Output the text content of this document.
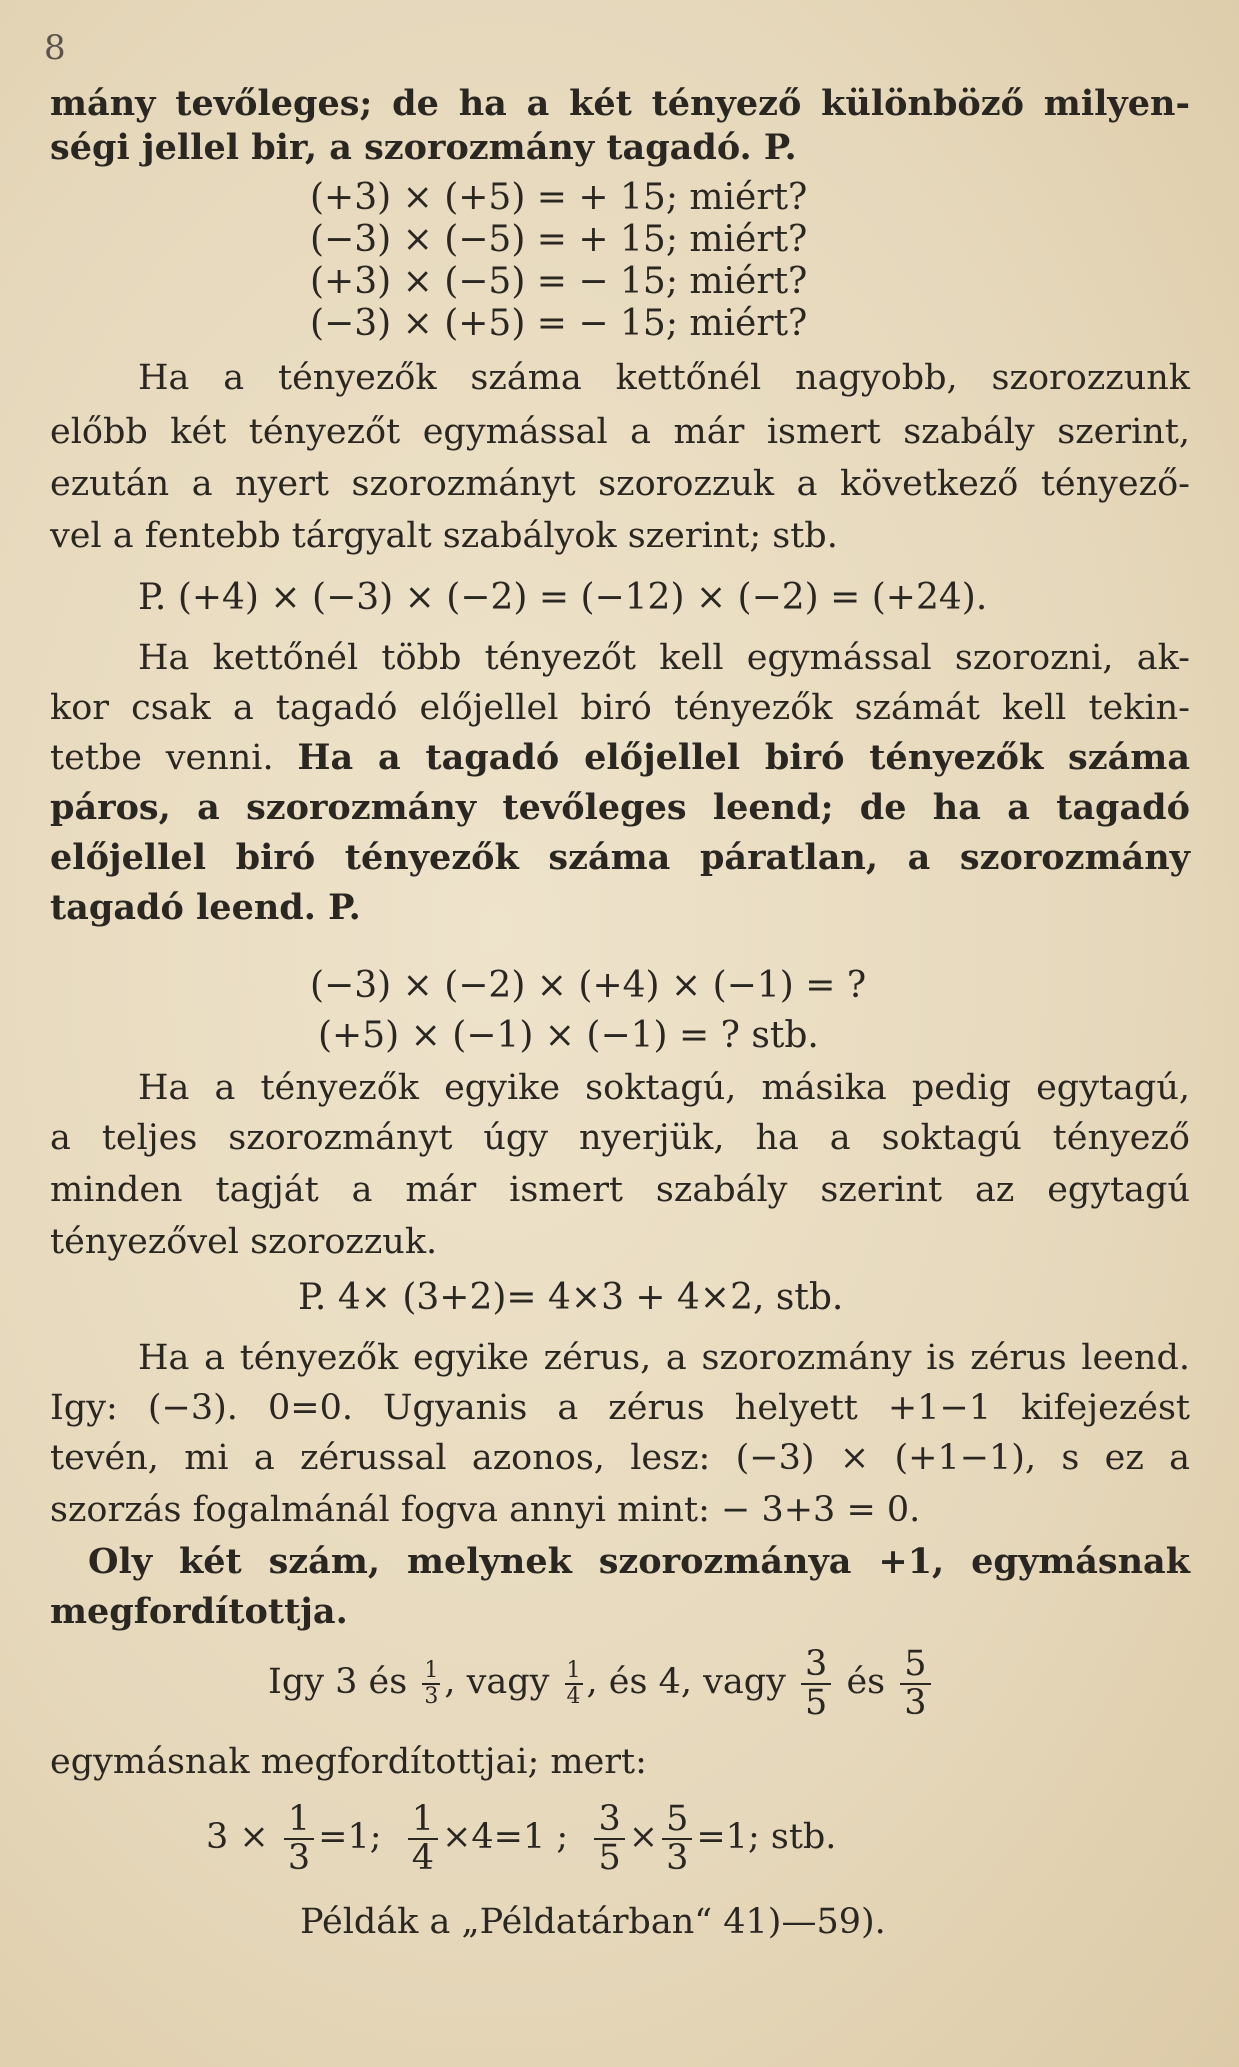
8
mány tevőleges; de ha a két tényező különböző milyen-
ségi jellel bir, a szorozmány tagadó. P.
(+3) × (+5) = + 15; miért?
(−3) × (−5) = + 15; miért?
(+3) × (−5) = − 15; miért?
(−3) × (+5) = − 15; miért?
Ha a tényezők száma kettőnél nagyobb, szorozzunk
előbb két tényezőt egymással a már ismert szabály szerint,
ezután a nyert szorozmányt szorozzuk a következő tényező-
vel a fentebb tárgyalt szabályok szerint; stb.
P. (+4) × (−3) × (−2) = (−12) × (−2) = (+24).
Ha kettőnél több tényezőt kell egymással szorozni, ak-
kor csak a tagadó előjellel biró tényezők számát kell tekin-
tetbe venni. Ha a tagadó előjellel biró tényezők száma
páros, a szorozmány tevőleges leend; de ha a tagadó
előjellel biró tényezők száma páratlan, a szorozmány
tagadó leend. P.
(−3) × (−2) × (+4) × (−1) = ?
(+5) × (−1) × (−1) = ? stb.
Ha a tényezők egyike soktagú, másika pedig egytagú,
a teljes szorozmányt úgy nyerjük, ha a soktagú tényező
minden tagját a már ismert szabály szerint az egytagú
tényezővel szorozzuk.
P. 4× (3+2)= 4×3 + 4×2, stb.
Ha a tényezők egyike zérus, a szorozmány is zérus leend.
Igy: (−3). 0=0. Ugyanis a zérus helyett +1−1 kifejezést
tevén, mi a zérussal azonos, lesz: (−3) × (+1−1), s ez a
szorzás fogalmánál fogva annyi mint: − 3+3 = 0.
Oly két szám, melynek szorozmánya +1, egymásnak
megfordítottja.
Igy 3 és $\frac{1}{3}$ , vagy $\frac{1}{4}$ , és 4, vagy $\frac{3}{5}$ és $\frac{5}{3}$
egymásnak megfordítottjai; mert:
$3 \times \frac{1}{3} =1$; $\frac{1}{4} \times 4=1$ ; $\frac{3}{5} \times \frac{5}{3} =1$; stb.
Példák a „Példatárban“ 41)—59).
